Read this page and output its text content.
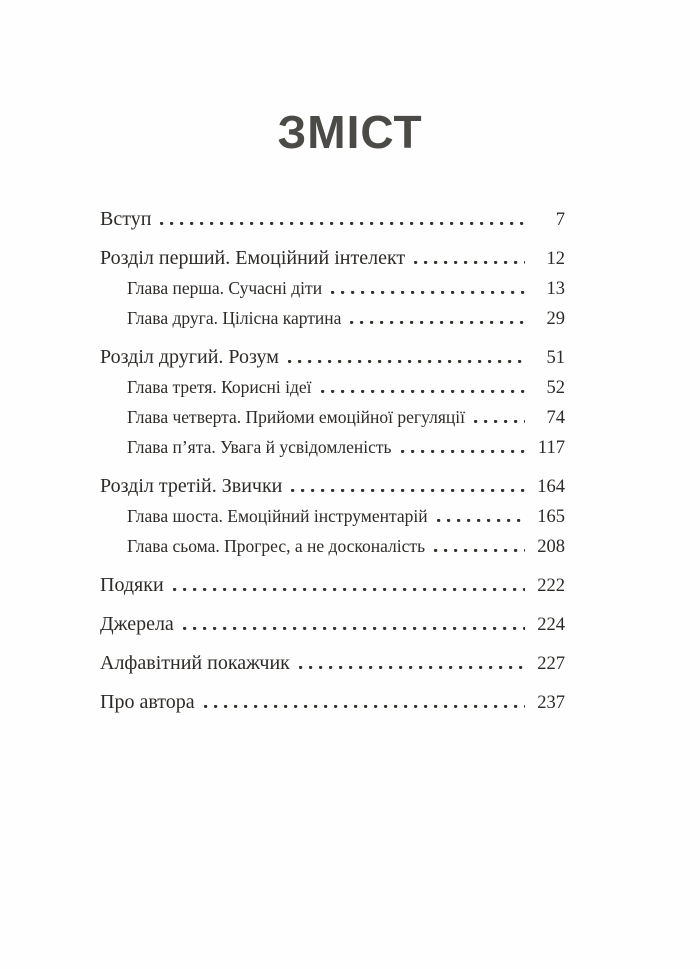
ЗМІСТ
Вступ	7
Розділ перший. Емоційний інтелект	12
Глава перша. Сучасні діти	13
Глава друга. Цілісна картина	29
Розділ другий. Розум	51
Глава третя. Корисні ідеї	52
Глава четверта. Прийоми емоційної регуляції	74
Глава п’ята. Увага й усвідомленість	117
Розділ третій. Звички	164
Глава шоста. Емоційний інструментарій	165
Глава сьома. Прогрес, а не досконалість	208
Подяки	222
Джерела	224
Алфавітний покажчик	227
Про автора	237
